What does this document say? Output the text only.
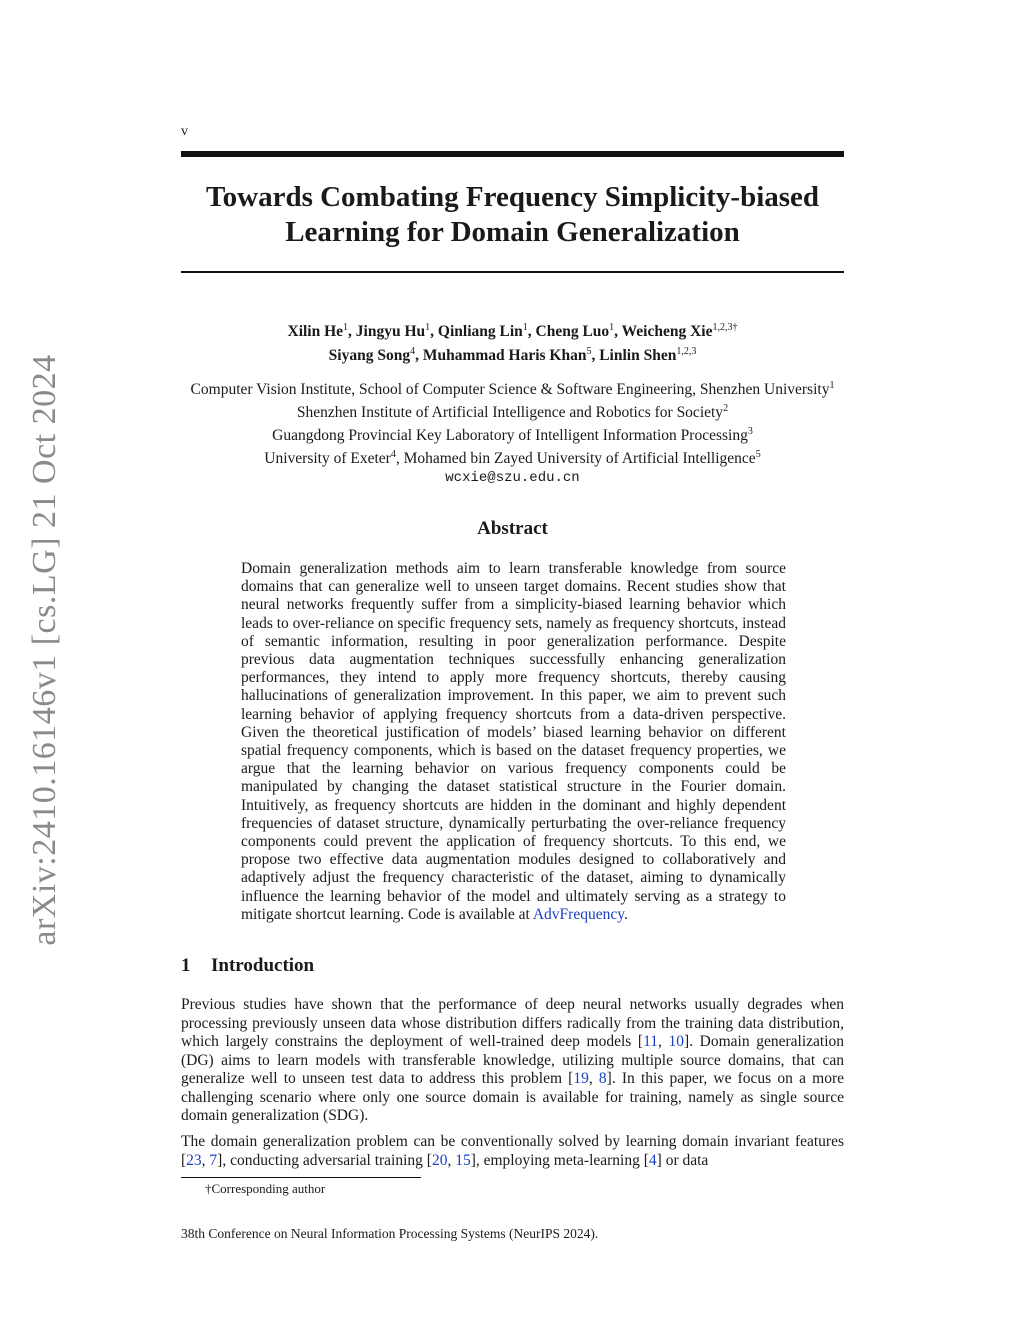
arXiv:2410.16146v1 [cs.LG] 21 Oct 2024
v
Towards Combating Frequency Simplicity-biased
Learning for Domain Generalization
Xilin He$^1$, Jingyu Hu$^1$, Qinliang Lin$^1$, Cheng Luo$^1$, Weicheng Xie$^{1,2,3\dagger}$
Siyang Song$^4$, Muhammad Haris Khan$^5$, Linlin Shen$^{1,2,3}$
Computer Vision Institute, School of Computer Science & Software Engineering, Shenzhen University$^1$
Shenzhen Institute of Artificial Intelligence and Robotics for Society$^2$
Guangdong Provincial Key Laboratory of Intelligent Information Processing$^3$
University of Exeter$^4$, Mohamed bin Zayed University of Artificial Intelligence$^5$
wcxie@szu.edu.cn
Abstract
Domain generalization methods aim to learn transferable knowledge from source domains that can generalize well to unseen target domains. Recent studies show that neural networks frequently suffer from a simplicity-biased learning behavior which leads to over-reliance on specific frequency sets, namely as frequency shortcuts, instead of semantic information, resulting in poor generalization performance. Despite previous data augmentation techniques successfully enhancing generalization performances, they intend to apply more frequency shortcuts, thereby causing hallucinations of generalization improvement. In this paper, we aim to prevent such learning behavior of applying frequency shortcuts from a data-driven perspective. Given the theoretical justification of models’ biased learning behavior on different spatial frequency components, which is based on the dataset frequency properties, we argue that the learning behavior on various frequency components could be manipulated by changing the dataset statistical structure in the Fourier domain. Intuitively, as frequency shortcuts are hidden in the dominant and highly dependent frequencies of dataset structure, dynamically perturbating the over-reliance frequency components could prevent the application of frequency shortcuts. To this end, we propose two effective data augmentation modules designed to collaboratively and adaptively adjust the frequency characteristic of the dataset, aiming to dynamically influence the learning behavior of the model and ultimately serving as a strategy to mitigate shortcut learning. Code is available at AdvFrequency.
1 Introduction
Previous studies have shown that the performance of deep neural networks usually degrades when processing previously unseen data whose distribution differs radically from the training data distribution, which largely constrains the deployment of well-trained deep models [11, 10]. Domain generalization (DG) aims to learn models with transferable knowledge, utilizing multiple source domains, that can generalize well to unseen test data to address this problem [19, 8]. In this paper, we focus on a more challenging scenario where only one source domain is available for training, namely as single source domain generalization (SDG).
The domain generalization problem can be conventionally solved by learning domain invariant features [23, 7], conducting adversarial training [20, 15], employing meta-learning [4] or data
†Corresponding author
38th Conference on Neural Information Processing Systems (NeurIPS 2024).
